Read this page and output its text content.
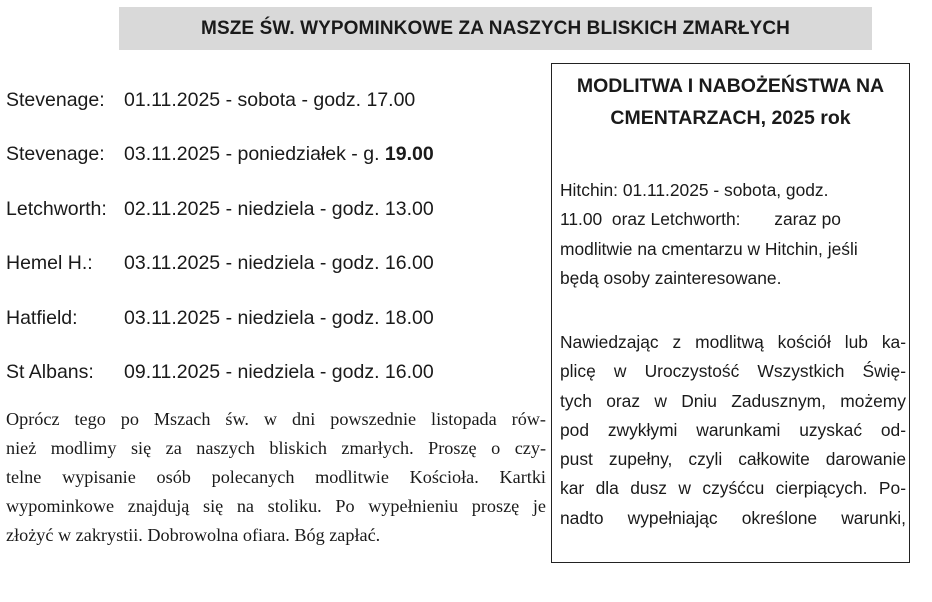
MSZE ŚW. WYPOMINKOWE ZA NASZYCH BLISKICH ZMARŁYCH
Stevenage: 01.11.2025 - sobota - godz. 17.00
Stevenage: 03.11.2025 - poniedziałek - g. 19.00
Letchworth: 02.11.2025 - niedziela - godz. 13.00
Hemel H.: 03.11.2025 - niedziela - godz. 16.00
Hatfield: 03.11.2025 - niedziela - godz. 18.00
St Albans: 09.11.2025 - niedziela - godz. 16.00
Oprócz tego po Mszach św. w dni powszednie listopada rów-
nież modlimy się za naszych bliskich zmarłych. Proszę o czy-
telne wypisanie osób polecanych modlitwie Kościoła. Kartki
wypominkowe znajdują się na stoliku. Po wypełnieniu proszę je
złożyć w zakrystii. Dobrowolna ofiara. Bóg zapłać.
MODLITWA I NABOŻEŃSTWA NA
CMENTARZACH, 2025 rok
Hitchin: 01.11.2025 - sobota, godz.
11.00  oraz Letchworth:       zaraz po
modlitwie na cmentarzu w Hitchin, jeśli
będą osoby zainteresowane.
Nawiedzając z modlitwą kościół lub ka-
plicę w Uroczystość Wszystkich Świę-
tych oraz w Dniu Zadusznym, możemy
pod zwykłymi warunkami uzyskać od-
pust zupełny, czyli całkowite darowanie
kar dla dusz w czyśćcu cierpiących. Po-
nadto wypełniając określone warunki,
